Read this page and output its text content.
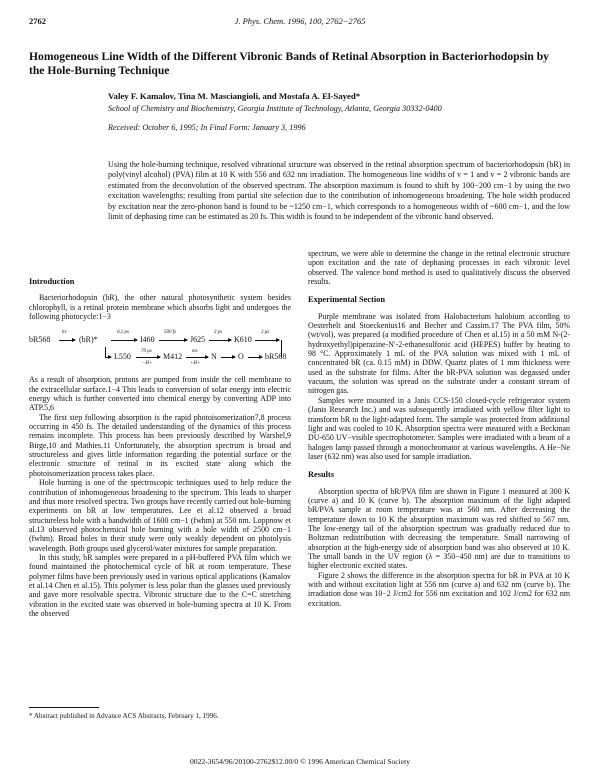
2762	J. Phys. Chem. 1996, 100, 2762−2765
Homogeneous Line Width of the Different Vibronic Bands of Retinal Absorption in Bacteriorhodopsin by the Hole-Burning Technique
Valey F. Kamalov, Tina M. Masciangioli, and Mostafa A. El-Sayed*
School of Chemistry and Biochemistry, Georgia Institute of Technology, Atlanta, Georgia 30332-0400
Received: October 6, 1995; In Final Form: January 3, 1996
Using the hole-burning technique, resolved vibrational structure was observed in the retinal absorption spectrum of bacteriorhodopsin (bR) in poly(vinyl alcohol) (PVA) film at 10 K with 556 and 632 nm irradiation. The homogeneous line widths of v = 1 and v = 2 vibronic bands are estimated from the deconvolution of the observed spectrum. The absorption maximum is found to shift by 100−200 cm−1 by using the two excitation wavelengths; resulting from partial site selection due to the contribution of inhomogeneous broadening. The hole width produced by excitation near the zero-phonon band is found to be ~1250 cm−1, which corresponds to a homogeneous width of ~600 cm−1, and the low limit of dephasing time can be estimated as 20 fs. This width is found to be independent of the vibronic band observed.
Introduction

Bacteriorhodopsin (bR), the other natural photosynthetic system besides chlorophyll, is a retinal protein membrane which absorbs light and undergoes the following photocycle:1−3

bR568
hν
(bR)*
0.2 ps
I460
500 fs
J625
3 ps
K610
2 μs
L550
70 μs
−H+
M412
ms
+H+
N	O	bR568

As a result of absorption, protons are pumped from inside the cell membrane to the extracellular surface.1−4 This leads to conversion of solar energy into electric energy which is further converted into chemical energy by converting ADP into ATP.5,6

The first step following absorption is the rapid photoisomerization7,8 process occurring in 450 fs. The detailed understanding of the dynamics of this process remains incomplete. This process has been previously described by Warshel,9 Birge,10 and Mathies.11 Unfortunately, the absorption spectrum is broad and structureless and gives little information regarding the potential surface or the electronic structure of retinal in its excited state along which the photoisomerization process takes place.

Hole burning is one of the spectroscopic techniques used to help reduce the contribution of inhomogeneous broadening to the spectrum. This leads to sharper and thus more resolved spectra. Two groups have recently carried out hole-burning experiments on bR at low temperatures. Lee et al.12 observed a broad structureless hole with a bandwidth of 1600 cm−1 (fwhm) at 550 nm. Loppnow et al.13 observed photochemical hole burning with a hole width of 2500 cm−1 (fwhm). Broad holes in their study were only weakly dependent on photolysis wavelength. Both groups used glycerol/water mixtures for sample preparation.

In this study, bR samples were prepared in a pH-buffered PVA film which we found maintained the photochemical cycle of bR at room temperature. These polymer films have been previously used in various optical applications (Kamalov et al.14 Chen et al.15). This polymer is less polar than the glasses used previously and gave more resolvable spectra. Vibronic structure due to the C=C stretching vibration in the excited state was observed in hole-burning spectra at 10 K. From the observed

spectrum, we were able to determine the change in the retinal electronic structure upon excitation and the rate of dephasing processes in each vibronic level observed. The valence bond method is used to qualitatively discuss the observed results.

Experimental Section

Purple membrane was isolated from Halobacterium halobium according to Oesterhelt and Stoeckenius16 and Becher and Cassim.17 The PVA film, 50% (wt/vol), was prepared (a modified procedure of Chen et al.15) in a 50 mM N-(2-hydroxyethyl)piperazine-N′-2-ethanesulfonic acid (HEPES) buffer by heating to 98 °C. Approximately 1 mL of the PVA solution was mixed with 1 mL of concentrated bR (ca. 0.15 mM) in DDW. Quartz plates of 1 mm thickness were used as the substrate for films. After the bR-PVA solution was degassed under vacuum, the solution was spread on the substrate under a constant stream of nitrogen gas.

Samples were mounted in a Janis CCS-150 closed-cycle refrigerator system (Janis Research Inc.) and was subsequently irradiated with yellow filter light to transform bR to the light-adapted form. The sample was protected from additional light and was cooled to 10 K. Absorption spectra were measured with a Beckman DU-650 UV−visible spectrophotometer. Samples were irradiated with a beam of a halogen lamp passed through a monochromator at various wavelengths. A He−Ne laser (632 nm) was also used for sample irradiation.

Results

Absorption spectra of bR/PVA film are shown in Figure 1 measured at 300 K (curve a) and 10 K (curve b). The absorption maximum of the light adapted bR/PVA sample at room temperature was at 560 nm. After decreasing the temperature down to 10 K the absorption maximum was red shifted to 567 nm. The low-energy tail of the absorption spectrum was gradually reduced due to Boltzman redistribution with decreasing the temperature. Small narrowing of absorption at the high-energy side of absorption band was also observed at 10 K. The small bands in the UV region (λ = 350−450 nm) are due to transitions to higher electronic excited states.

Figure 2 shows the difference in the absorption spectra for bR in PVA at 10 K with and without excitation light at 556 nm (curve a) and 632 nm (curve b). The irradiation dose was 10−2 J/cm2 for 556 nm excitation and 102 J/cm2 for 632 nm excitation.

* Abstract published in Advance ACS Abstracts, February 1, 1996.
0022-3654/96/20100-2762$12.00/0 © 1996 American Chemical Society
